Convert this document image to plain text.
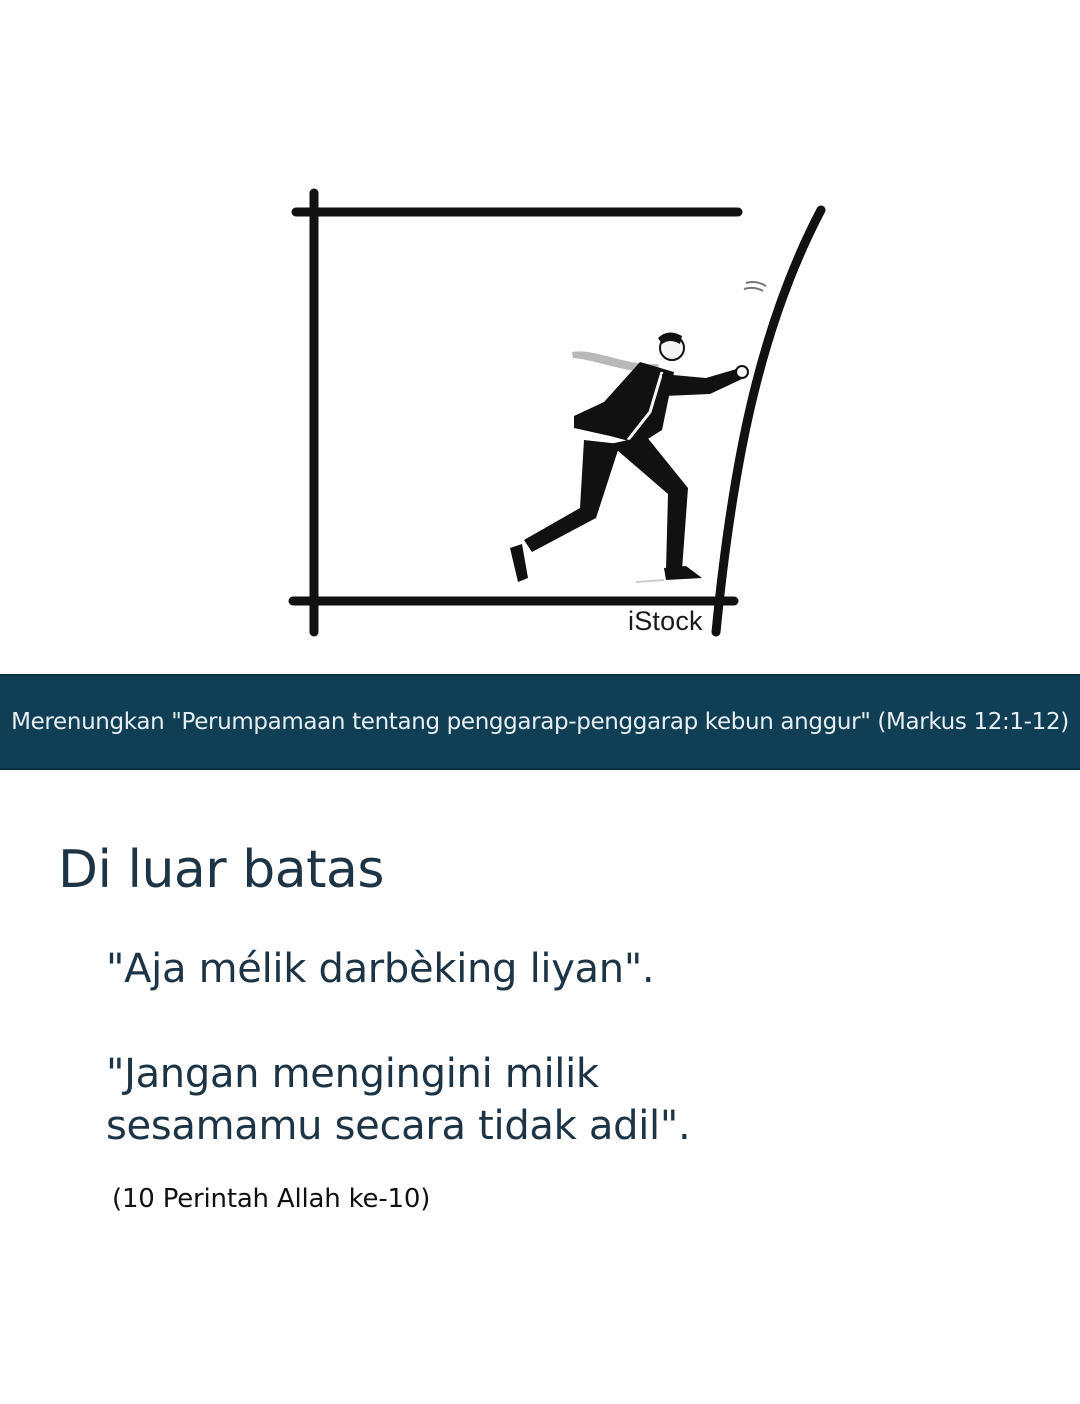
iStock
Merenungkan "Perumpamaan tentang penggarap-penggarap kebun anggur" (Markus 12:1-12)
Di luar batas

"Aja mélik darbèking liyan".

"Jangan mengingini milik
sesamamu secara tidak adil".

(10 Perintah Allah ke-10)
